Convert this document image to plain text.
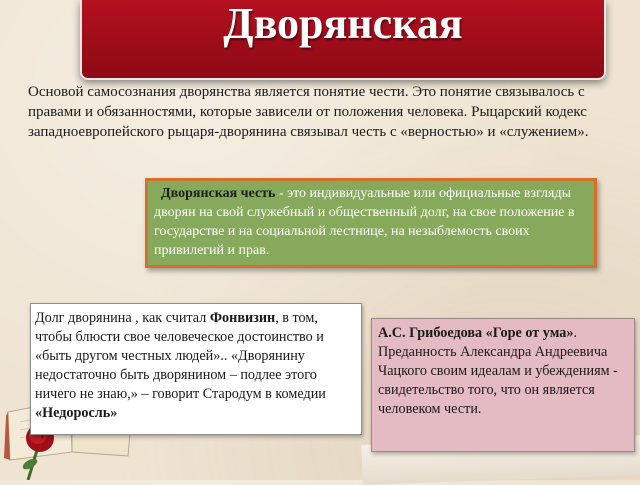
Дворянская
Основой самосознания дворянства является понятие чести. Это понятие связывалось с правами и обязанностями, которые зависели от положения человека. Рыцарский кодекс западноевропейского рыцаря-дворянина связывал честь с «верностью» и «служением».
Дворянская честь - это индивидуальные или официальные взгляды дворян на свой служебный и общественный долг, на свое положение в государстве и на социальной лестнице, на незыблемость своих привилегий и прав.
Долг дворянина , как считал Фонвизин, в том, чтобы блюсти свое человеческое достоинство и «быть другом честных людей».. «Дворянину недостаточно быть дворянином – подлее этого ничего не знаю,» – говорит Стародум в комедии «Недоросль»
А.С. Грибоедова «Горе от ума». Преданность Александра Андреевича Чацкого своим идеалам и убеждениям - свидетельство того, что он является человеком чести.
